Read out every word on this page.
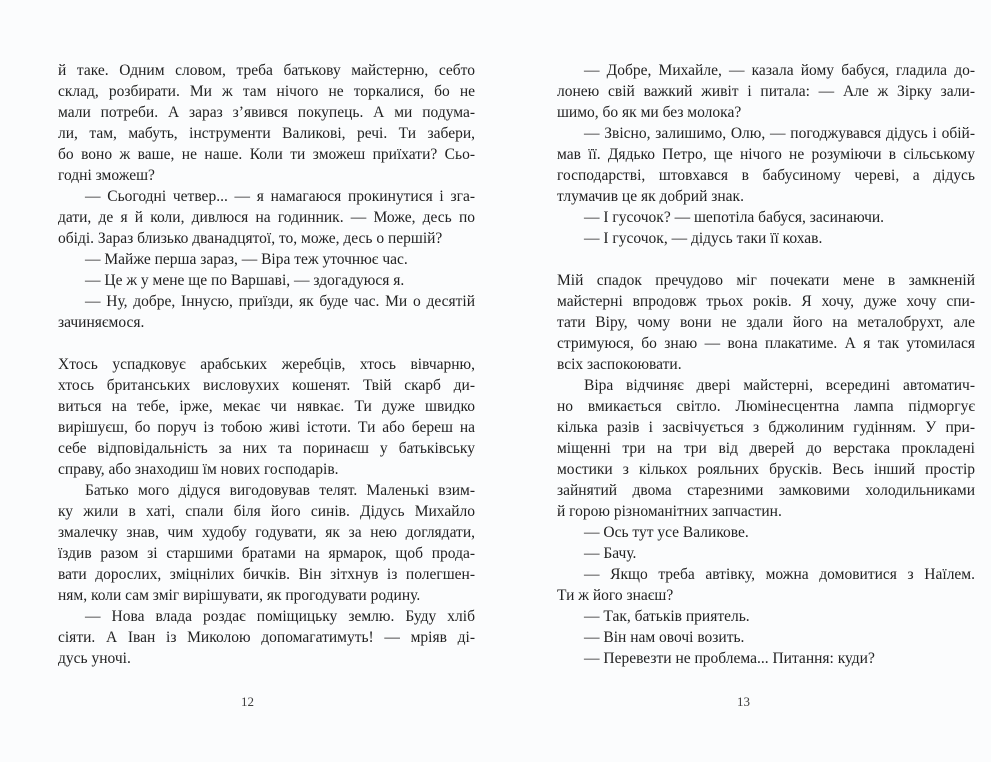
й таке. Одним словом, треба батькову майстерню, себто
склад, розбирати. Ми ж там нічого не торкалися, бо не
мали потреби. А зараз з’явився покупець. А ми подума-
ли, там, мабуть, інструменти Валикові, речі. Ти забери,
бо воно ж ваше, не наше. Коли ти зможеш приїхати? Сьо-
годні зможеш?
— Сьогодні четвер... — я намагаюся прокинутися і зга-
дати, де я й коли, дивлюся на годинник. — Може, десь по
обіді. Зараз близько дванадцятої, то, може, десь о першій?
— Майже перша зараз, — Віра теж уточнює час.
— Це ж у мене ще по Варшаві, — здогадуюся я.
— Ну, добре, Іннусю, приїзди, як буде час. Ми о десятій
зачиняємося.
Хтось успадковує арабських жеребців, хтось вівчарню,
хтось британських висловухих кошенят. Твій скарб ди-
виться на тебе, ірже, мекає чи нявкає. Ти дуже швидко
вирішуєш, бо поруч із тобою живі істоти. Ти або береш на
себе відповідальність за них та поринаєш у батьківську
справу, або знаходиш їм нових господарів.
Батько мого дідуся вигодовував телят. Маленькі взим-
ку жили в хаті, спали біля його синів. Дідусь Михайло
змалечку знав, чим худобу годувати, як за нею доглядати,
їздив разом зі старшими братами на ярмарок, щоб прода-
вати дорослих, зміцнілих бичків. Він зітхнув із полегшен-
ням, коли сам зміг вирішувати, як прогодувати родину.
— Нова влада роздає поміщицьку землю. Буду хліб
сіяти. А Іван із Миколою допомагатимуть! — мріяв ді-
дусь уночі.
12
— Добре, Михайле, — казала йому бабуся, гладила до-
лонею свій важкий живіт і питала: — Але ж Зірку зали-
шимо, бо як ми без молока?
— Звісно, залишимо, Олю, — погоджувався дідусь і обій-
мав її. Дядько Петро, ще нічого не розуміючи в сільському
господарстві, штовхався в бабусиному череві, а дідусь
тлумачив це як добрий знак.
— І гусочок? — шепотіла бабуся, засинаючи.
— І гусочок, — дідусь таки її кохав.
Мій спадок пречудово міг почекати мене в замкненій
майстерні впродовж трьох років. Я хочу, дуже хочу спи-
тати Віру, чому вони не здали його на металобрухт, але
стримуюся, бо знаю — вона плакатиме. А я так утомилася
всіх заспокоювати.
Віра відчиняє двері майстерні, всередині автоматич-
но вмикається світло. Люмінесцентна лампа підморгує
кілька разів і засвічується з бджолиним гудінням. У при-
міщенні три на три від дверей до верстака прокладені
мостики з кількох рояльних брусків. Весь інший простір
зайнятий двома старезними замковими холодильниками
й горою різноманітних запчастин.
— Ось тут усе Валикове.
— Бачу.
— Якщо треба автівку, можна домовитися з Наїлем.
Ти ж його знаєш?
— Так, батьків приятель.
— Він нам овочі возить.
— Перевезти не проблема... Питання: куди?
13
